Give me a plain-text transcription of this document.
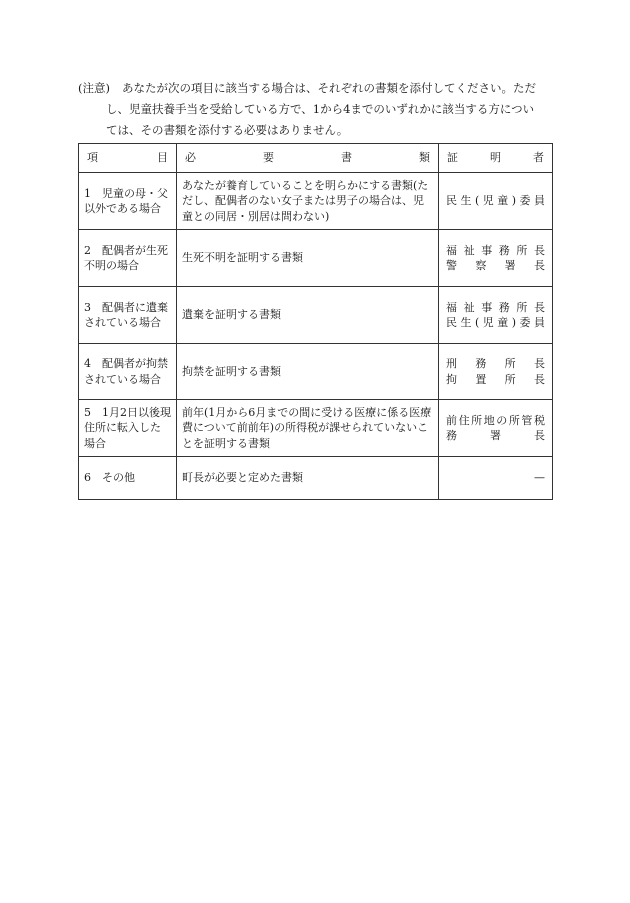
(注意) あなたが次の項目に該当する場合は、それぞれの書類を添付してください。ただ
し、児童扶養手当を受給している方で、1から4までのいずれかに該当する方につい
ては、その書類を添付する必要はありません。
項 目	必 要 書 類	証 明 者

1　児童の母・父以外である場合	あなたが養育していることを明らかにする書類(ただし、配偶者のない女子または男子の場合は、児童との同居・別居は問わない)	民生(児童)委員

2　配偶者が生死不明の場合	生死不明を証明する書類	福祉事務所長
警察署長

3　配偶者に遺棄されている場合	遺棄を証明する書類	福祉事務所長
民生(児童)委員

4　配偶者が拘禁されている場合	拘禁を証明する書類	刑務所長
拘置所長

5　1月2日以後現住所に転入した場合	前年(1月から6月までの間に受ける医療に係る医療費について前前年)の所得税が課せられていないことを証明する書類	前住所地の所管税
務署長

6　その他	町長が必要と定めた書類	—
